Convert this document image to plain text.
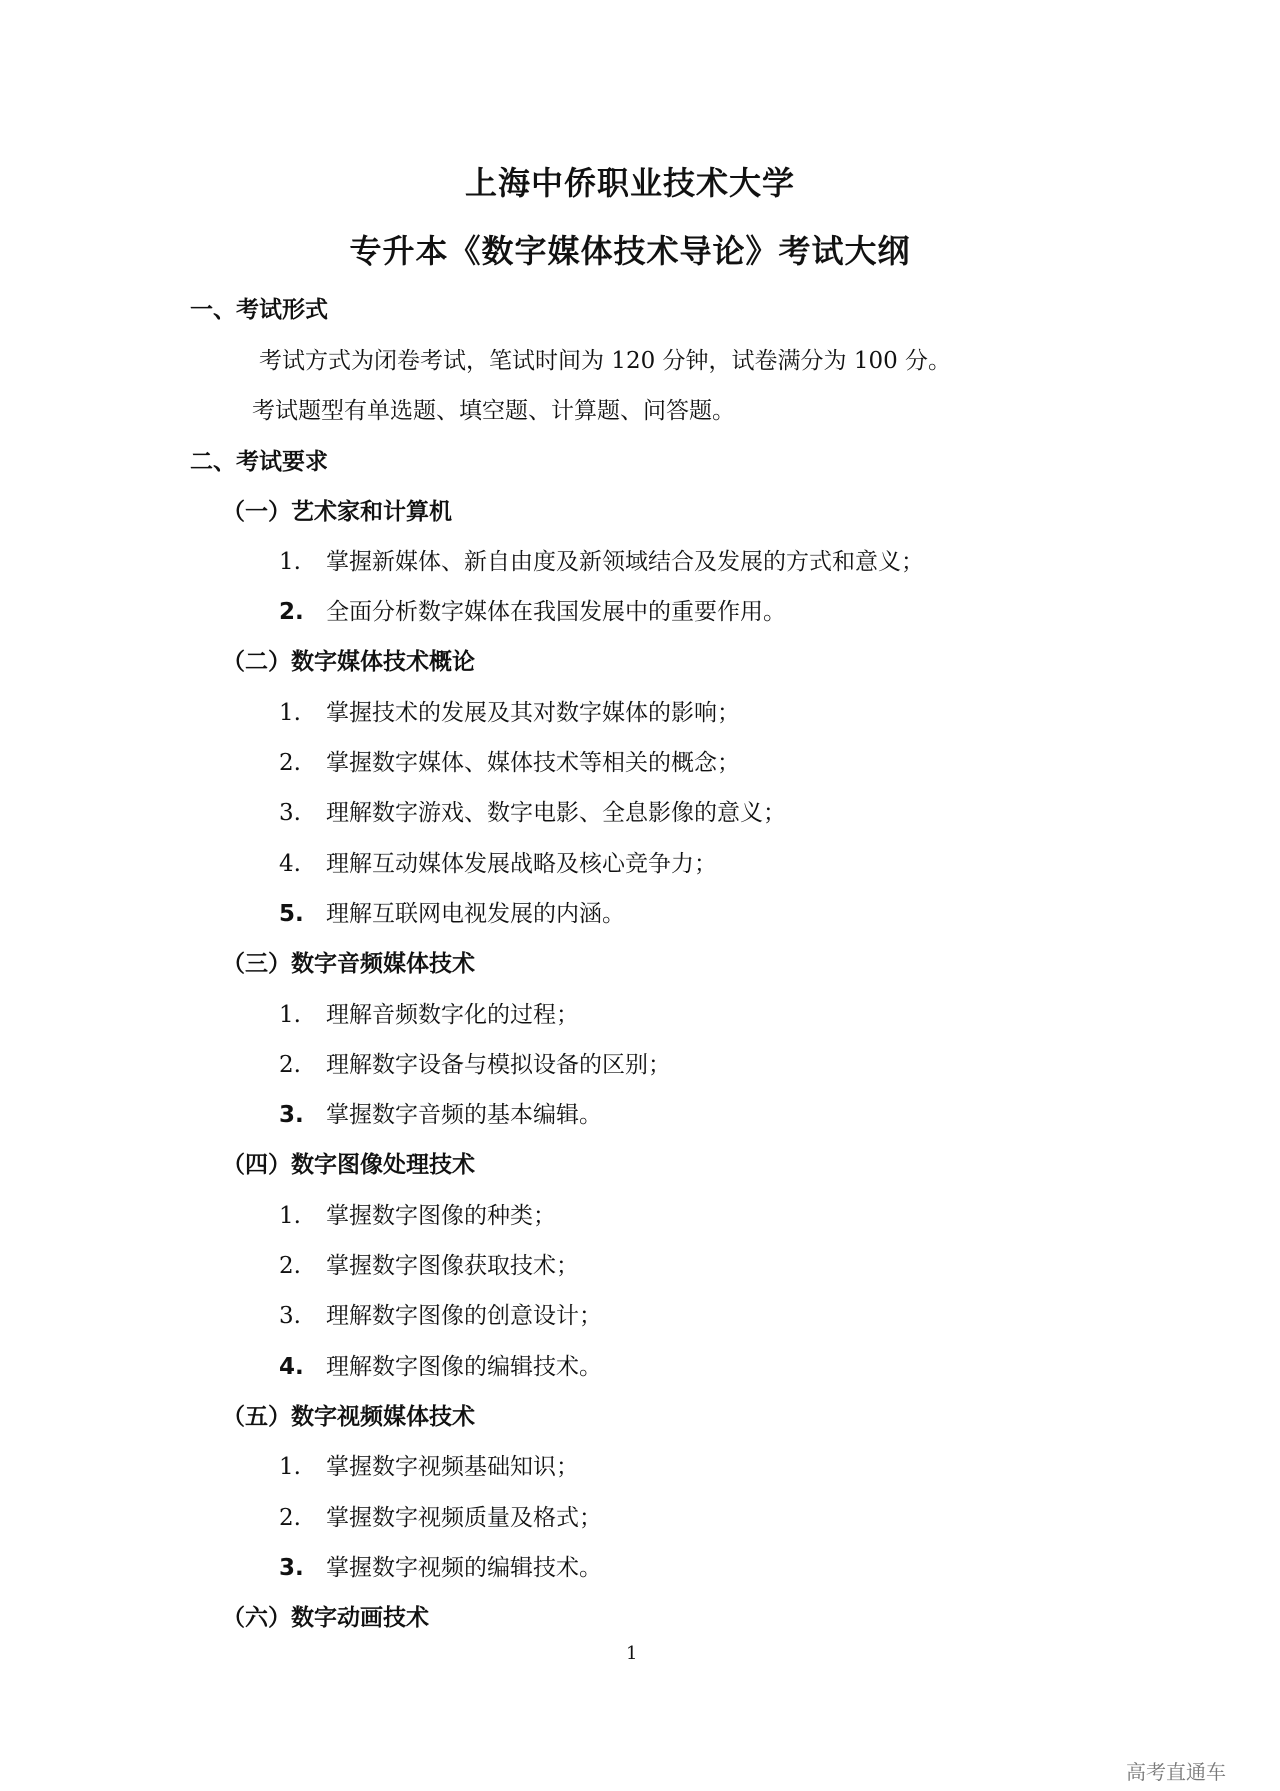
上海中侨职业技术大学
专升本《数字媒体技术导论》考试大纲
一、考试形式
考试方式为闭卷考试，笔试时间为 120 分钟，试卷满分为 100 分。
考试题型有单选题、填空题、计算题、问答题。
二、考试要求
（一）艺术家和计算机
1. 掌握新媒体、新自由度及新领域结合及发展的方式和意义；
2. 全面分析数字媒体在我国发展中的重要作用。
（二）数字媒体技术概论
1. 掌握技术的发展及其对数字媒体的影响；
2. 掌握数字媒体、媒体技术等相关的概念；
3. 理解数字游戏、数字电影、全息影像的意义；
4. 理解互动媒体发展战略及核心竞争力；
5. 理解互联网电视发展的内涵。
（三）数字音频媒体技术
1. 理解音频数字化的过程；
2. 理解数字设备与模拟设备的区别；
3. 掌握数字音频的基本编辑。
（四）数字图像处理技术
1. 掌握数字图像的种类；
2. 掌握数字图像获取技术；
3. 理解数字图像的创意设计；
4. 理解数字图像的编辑技术。
（五）数字视频媒体技术
1. 掌握数字视频基础知识；
2. 掌握数字视频质量及格式；
3. 掌握数字视频的编辑技术。
（六）数字动画技术
1
高考直通车
